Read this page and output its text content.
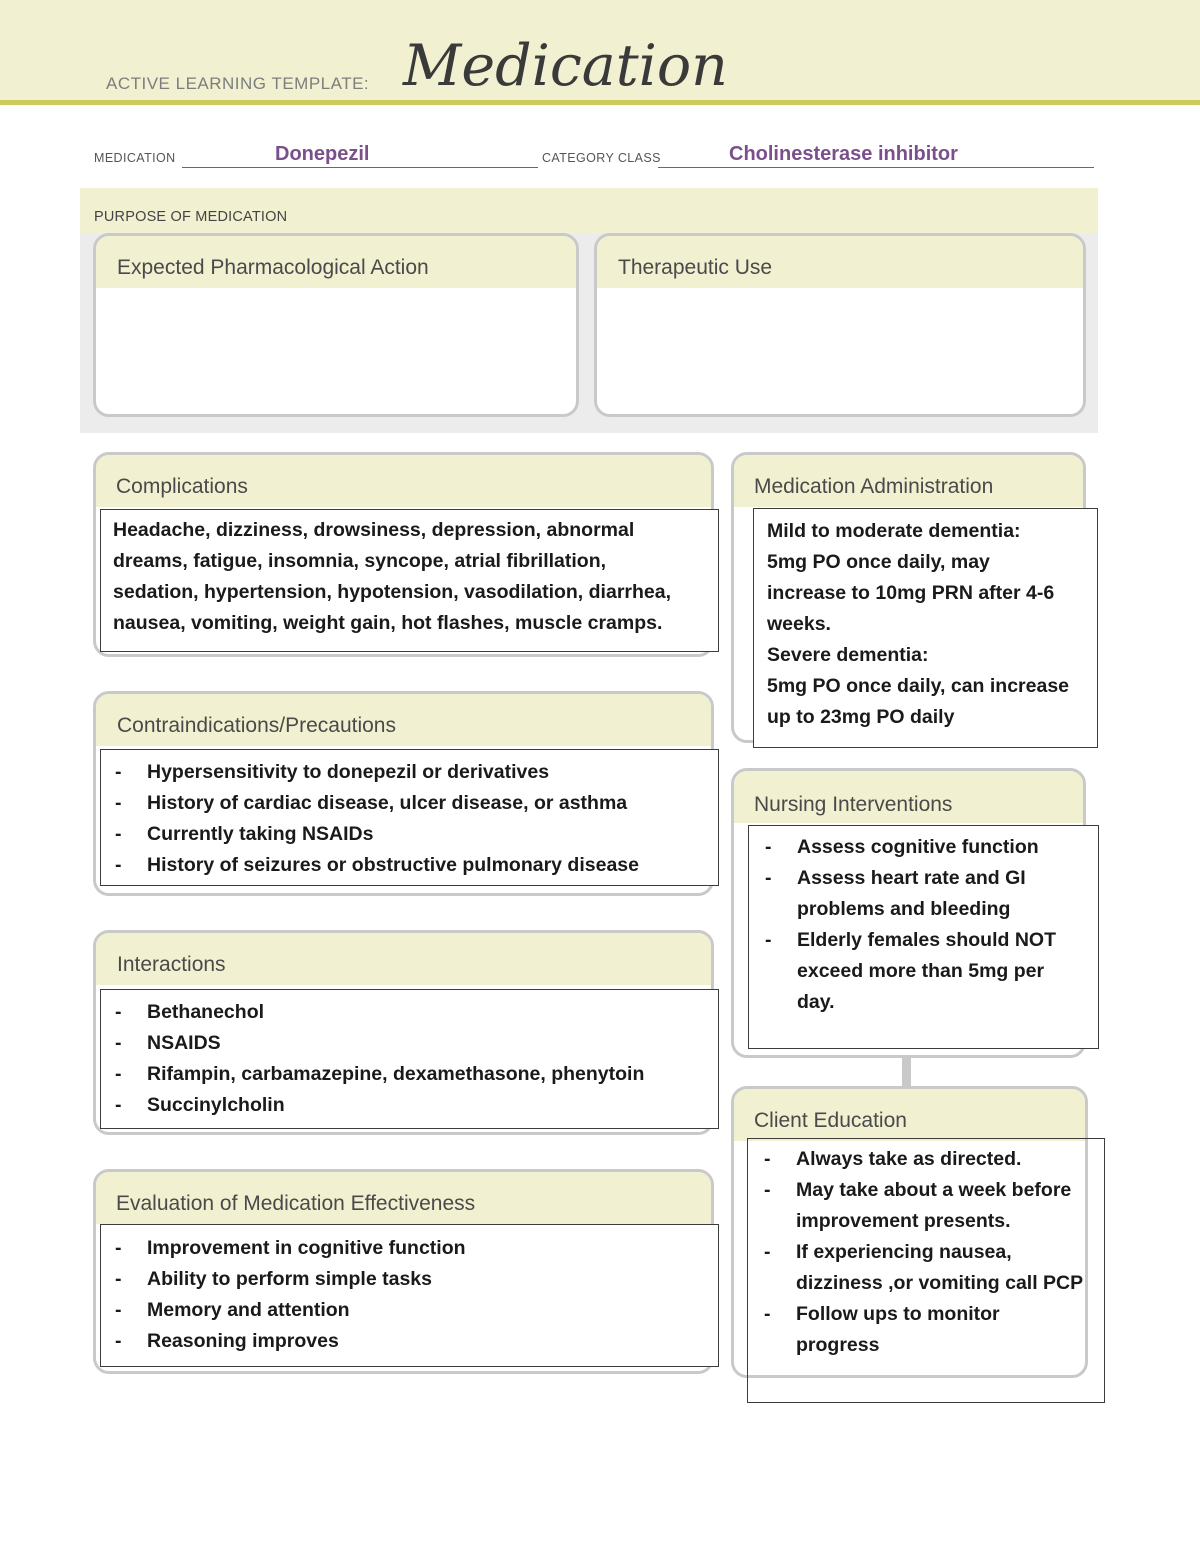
ACTIVE LEARNING TEMPLATE: Medication
MEDICATION	Donepezil	CATEGORY CLASS	Cholinesterase inhibitor
PURPOSE OF MEDICATION
Expected Pharmacological Action	Therapeutic Use
Complications
Headache, dizziness, drowsiness, depression, abnormal
dreams, fatigue, insomnia, syncope, atrial fibrillation,
sedation, hypertension, hypotension, vasodilation, diarrhea,
nausea, vomiting, weight gain, hot flashes, muscle cramps.
Contraindications/Precautions
- Hypersensitivity to donepezil or derivatives
- History of cardiac disease, ulcer disease, or asthma
- Currently taking NSAIDs
- History of seizures or obstructive pulmonary disease
Interactions
- Bethanechol
- NSAIDS
- Rifampin, carbamazepine, dexamethasone, phenytoin
- Succinylcholin
Evaluation of Medication Effectiveness
- Improvement in cognitive function
- Ability to perform simple tasks
- Memory and attention
- Reasoning improves
Medication Administration
Mild to moderate dementia:
5mg PO once daily, may
increase to 10mg PRN after 4-6
weeks.
Severe dementia:
5mg PO once daily, can increase
up to 23mg PO daily
Nursing Interventions
- Assess cognitive function
- Assess heart rate and GI problems and bleeding
- Elderly females should NOT exceed more than 5mg per day.
Client Education
- Always take as directed.
- May take about a week before improvement presents.
- If experiencing nausea, dizziness ,or vomiting call PCP
- Follow ups to monitor progress
